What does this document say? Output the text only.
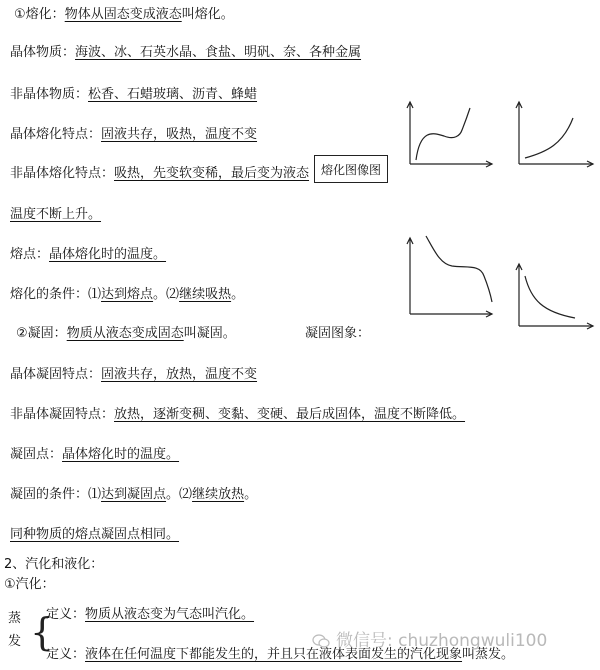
①熔化：物体从固态变成液态叫熔化。
晶体物质：海波、冰、石英水晶、食盐、明矾、奈、各种金属
非晶体物质：松香、石蜡玻璃、沥青、蜂蜡
晶体熔化特点：固液共存，吸热，温度不变
非晶体熔化特点：吸热，先变软变稀，最后变为液态
温度不断上升。
熔化图像图
熔点：晶体熔化时的温度。
熔化的条件：⑴达到熔点。⑵继续吸热。
②凝固：物质从液态变成固态叫凝固。	凝固图象：
晶体凝固特点：固液共存，放热，温度不变
非晶体凝固特点：放热，逐渐变稠、变黏、变硬、最后成固体，温度不断降低。
凝固点：晶体熔化时的温度。
凝固的条件：⑴达到凝固点。⑵继续放热。
同种物质的熔点凝固点相同。
2、汽化和液化：
①汽化：
蒸
发 {
定义：物质从液态变为气态叫汽化。
定义：液体在任何温度下都能发生的，并且只在液体表面发生的汽化现象叫蒸发。
微信号: chuzhongwuli100
